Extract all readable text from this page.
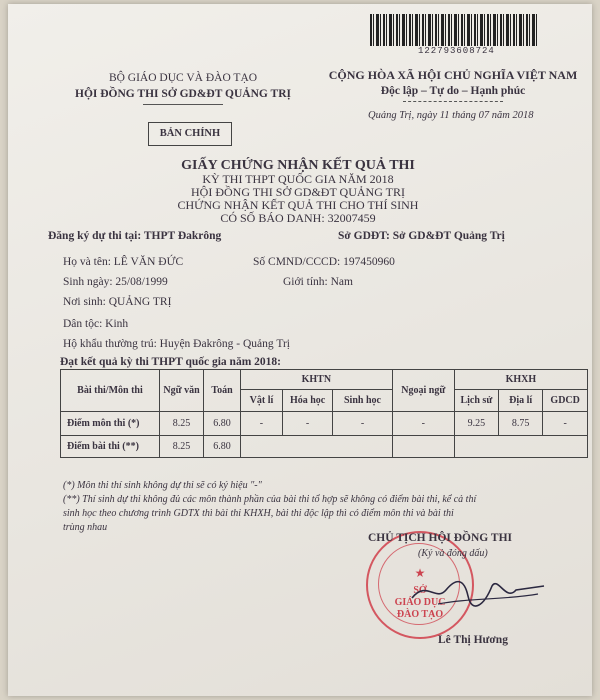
122793608724
BỘ GIÁO DỤC VÀ ĐÀO TẠO
HỘI ĐỒNG THI SỞ GD&ĐT QUẢNG TRỊ
CỘNG HÒA XÃ HỘI CHỦ NGHĨA VIỆT NAM
Độc lập – Tự do – Hạnh phúc
Quảng Trị, ngày 11 tháng 07 năm 2018
BẢN CHÍNH
GIẤY CHỨNG NHẬN KẾT QUẢ THI
KỲ THI THPT QUỐC GIA NĂM 2018
HỘI ĐỒNG THI SỞ GD&ĐT QUẢNG TRỊ
CHỨNG NHẬN KẾT QUẢ THI CHO THÍ SINH
CÓ SỐ BÁO DANH: 32007459
Đăng ký dự thi tại: THPT Đakrông	Sở GDĐT: Sở GD&ĐT Quảng Trị
Họ và tên: LÊ VĂN ĐỨC	Số CMND/CCCD: 197450960
Sinh ngày: 25/08/1999	Giới tính: Nam
Nơi sinh: QUẢNG TRỊ
Dân tộc: Kinh
Hộ khẩu thường trú: Huyện Đakrông - Quảng Trị
Đạt kết quả kỳ thi THPT quốc gia năm 2018:
Bài thi/Môn thi	Ngữ văn	Toán	KHTN	Ngoại ngữ	KHXH
Vật lí	Hóa học	Sinh học	Lịch sử	Địa lí	GDCD
Điểm môn thi (*)	8.25	6.80	-	-	-	-	9.25	8.75	-
Điểm bài thi (**)	8.25	6.80			
(*) Môn thi thí sinh không dự thi sẽ có ký hiệu "-"
(**) Thí sinh dự thi không đủ các môn thành phần của bài thi tổ hợp sẽ không có điểm bài thi, kể cả thí
sinh học theo chương trình GDTX thì bài thi KHXH, bài thi độc lập thì có điểm môn thi và bài thi
trùng nhau
★
SỞ
GIÁO DỤC
ĐÀO TẠO
CHỦ TỊCH HỘI ĐỒNG THI
(Ký và đóng dấu)
Lê Thị Hương
